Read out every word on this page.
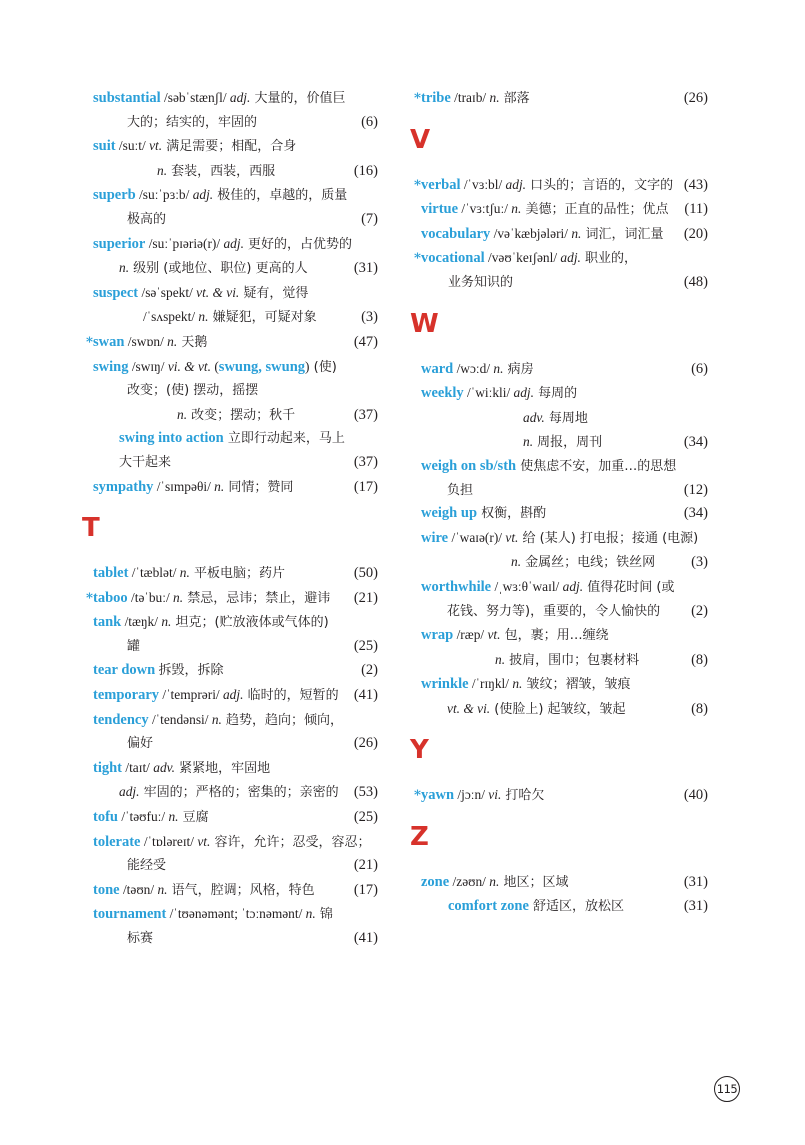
substantial /səbˈstænʃl/ adj. 大量的，价值巨
大的；结实的，牢固的	(6)
suit /suːt/ vt. 满足需要；相配，合身
n. 套装，西装，西服	(16)
superb /suːˈpɜːb/ adj. 极佳的，卓越的，质量
极高的	(7)
superior /suːˈpɪəriə(r)/ adj. 更好的，占优势的
n. 级别 (或地位、职位) 更高的人	(31)
suspect /səˈspekt/ vt. & vi. 疑有，觉得
/ˈsʌspekt/ n. 嫌疑犯，可疑对象	(3)
*swan /swɒn/ n. 天鹅	(47)
swing /swɪŋ/ vi. & vt. (swung, swung) (使)
改变；(使) 摆动，摇摆
n. 改变；摆动；秋千	(37)
swing into action 立即行动起来，马上
大干起来	(37)
sympathy /ˈsɪmpəθi/ n. 同情；赞同	(17)
T
tablet /ˈtæblət/ n. 平板电脑；药片	(50)
*taboo /təˈbuː/ n. 禁忌，忌讳；禁止，避讳 (21)
tank /tæŋk/ n. 坦克；(贮放液体或气体的)
罐	(25)
tear down 拆毁，拆除	(2)
temporary /ˈtemprəri/ adj. 临时的，短暂的 (41)
tendency /ˈtendənsi/ n. 趋势，趋向；倾向，
偏好	(26)
tight /taɪt/ adv. 紧紧地，牢固地
adj. 牢固的；严格的；密集的；亲密的 (53)
tofu /ˈtəʊfuː/ n. 豆腐	(25)
tolerate /ˈtɒləreɪt/ vt. 容许，允许；忍受，容忍；
能经受	(21)
tone /təʊn/ n. 语气，腔调；风格，特色	(17)
tournament /ˈtʊənəmənt; ˈtɔːnəmənt/ n. 锦
标赛	(41)
*tribe /traɪb/ n. 部落	(26)
V
*verbal /ˈvɜːbl/ adj. 口头的；言语的，文字的 (43)
virtue /ˈvɜːtʃuː/ n. 美德；正直的品性；优点 (11)
vocabulary /vəˈkæbjələri/ n. 词汇，词汇量 (20)
*vocational /vəʊˈkeɪʃənl/ adj. 职业的，
业务知识的	(48)
W
ward /wɔːd/ n. 病房	(6)
weekly /ˈwiːkli/ adj. 每周的
adv. 每周地
n. 周报，周刊	(34)
weigh on sb/sth 使焦虑不安，加重…的思想
负担	(12)
weigh up 权衡，斟酌	(34)
wire /ˈwaɪə(r)/ vt. 给 (某人) 打电报；接通 (电源)
n. 金属丝；电线；铁丝网 (3)
worthwhile /ˌwɜːθˈwaɪl/ adj. 值得花时间 (或
花钱、努力等)，重要的，令人愉快的 (2)
wrap /ræp/ vt. 包，裹；用…缠绕
n. 披肩，围巾；包裹材料	(8)
wrinkle /ˈrɪŋkl/ n. 皱纹；褶皱，皱痕
vt. & vi. (使脸上) 起皱纹，皱起	(8)
Y
*yawn /jɔːn/ vi. 打哈欠	(40)
Z
zone /zəʊn/ n. 地区；区域	(31)
comfort zone 舒适区，放松区	(31)
115
